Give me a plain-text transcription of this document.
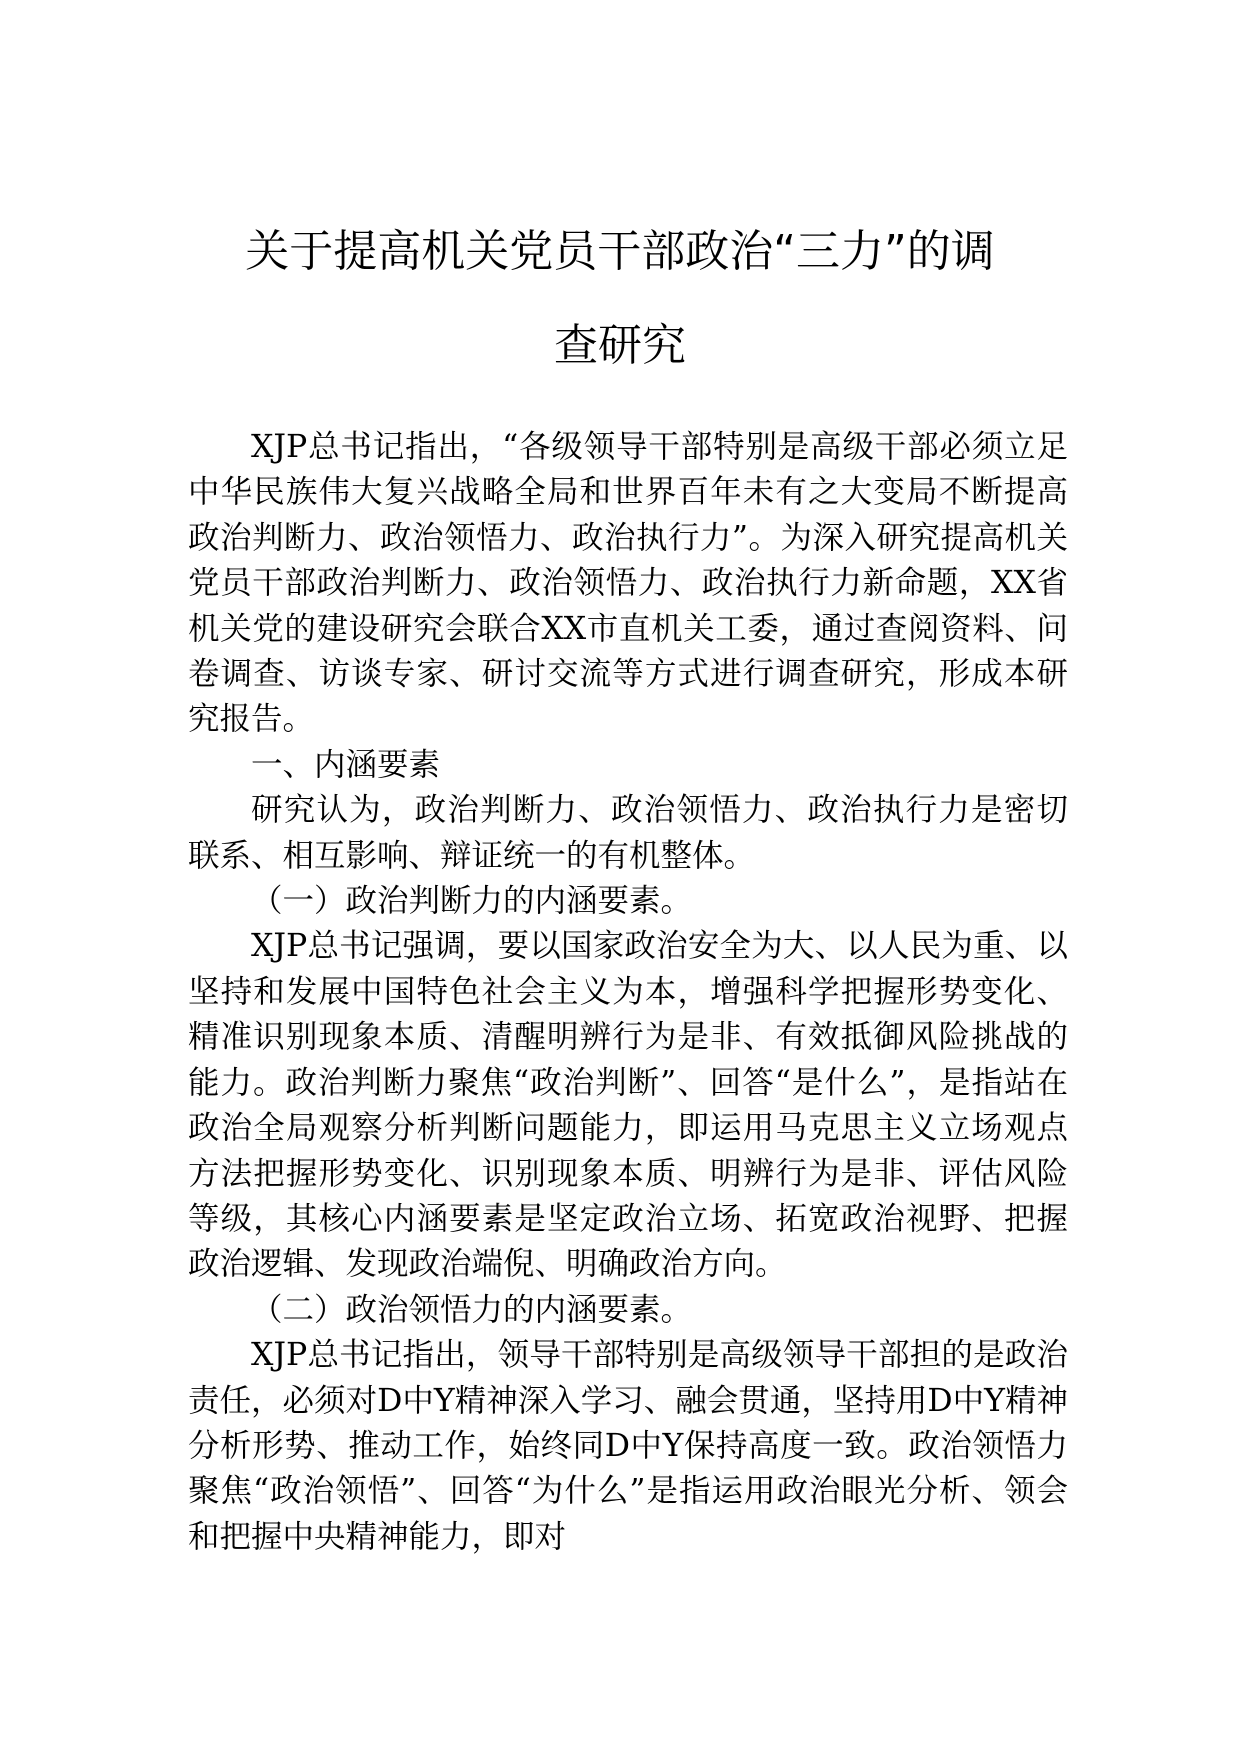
关于提高机关党员干部政治“三力”的调
查研究

XJP总书记指出，“各级领导干部特别是高级干部必须立足中华民族伟大复兴战略全局和世界百年未有之大变局不断提高政治判断力、政治领悟力、政治执行力”。为深入研究提高机关党员干部政治判断力、政治领悟力、政治执行力新命题，XX省机关党的建设研究会联合XX市直机关工委，通过查阅资料、问卷调查、访谈专家、研讨交流等方式进行调查研究，形成本研究报告。

一、内涵要素

研究认为，政治判断力、政治领悟力、政治执行力是密切联系、相互影响、辩证统一的有机整体。

（一）政治判断力的内涵要素。

XJP总书记强调，要以国家政治安全为大、以人民为重、以坚持和发展中国特色社会主义为本，增强科学把握形势变化、精准识别现象本质、清醒明辨行为是非、有效抵御风险挑战的能力。政治判断力聚焦“政治判断”、回答“是什么”，是指站在政治全局观察分析判断问题能力，即运用马克思主义立场观点方法把握形势变化、识别现象本质、明辨行为是非、评估风险等级，其核心内涵要素是坚定政治立场、拓宽政治视野、把握政治逻辑、发现政治端倪、明确政治方向。

（二）政治领悟力的内涵要素。

XJP总书记指出，领导干部特别是高级领导干部担的是政治责任，必须对D中Y精神深入学习、融会贯通，坚持用D中Y精神分析形势、推动工作，始终同D中Y保持高度一致。政治领悟力聚焦“政治领悟”、回答“为什么”是指运用政治眼光分析、领会和把握中央精神能力，即对
